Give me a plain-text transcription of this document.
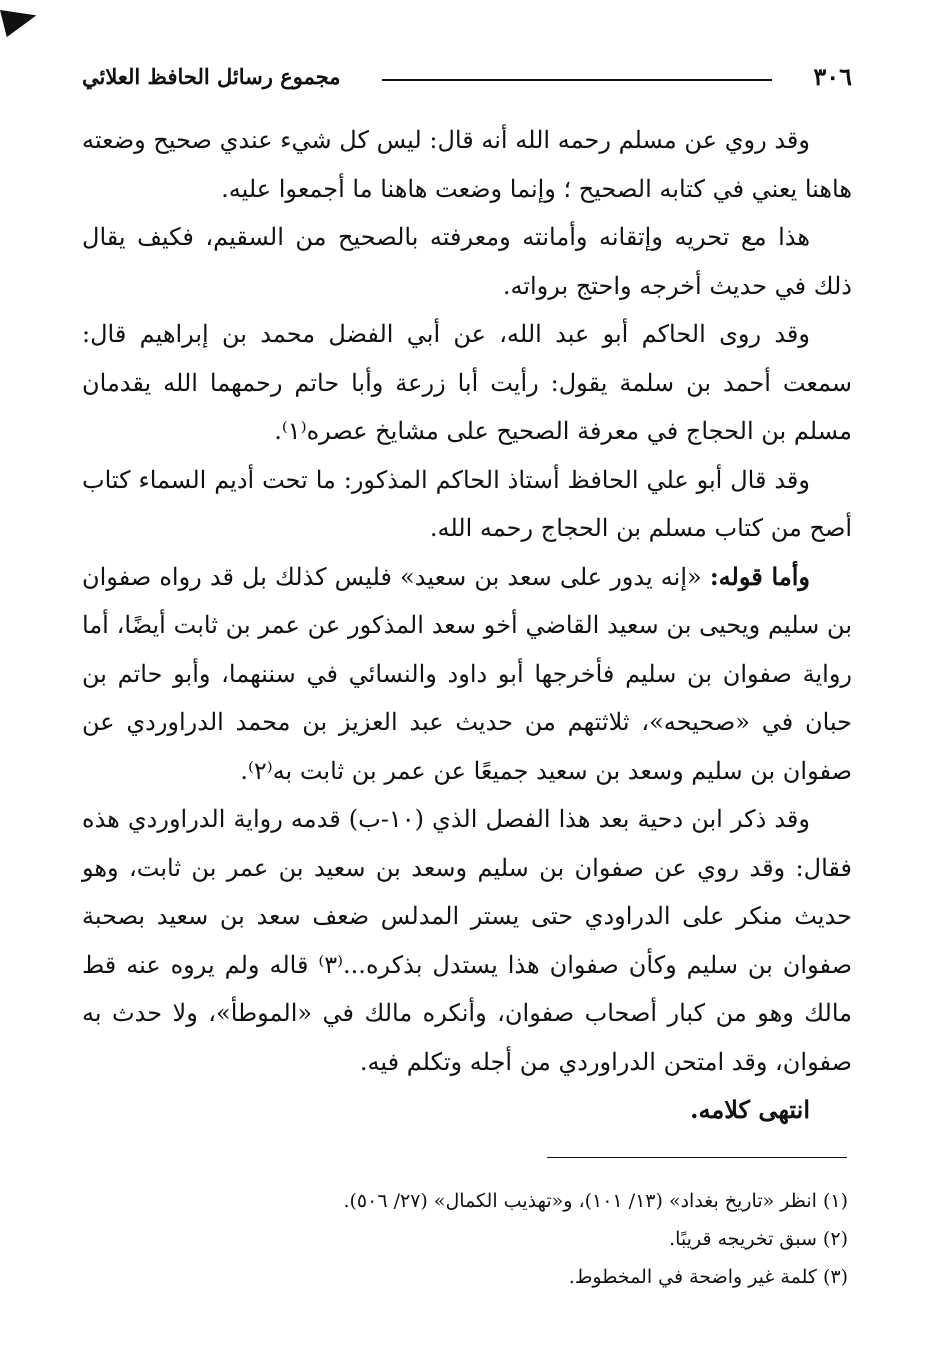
٣٠٦
مجموع رسائل الحافظ العلائي

وقد روي عن مسلم رحمه الله أنه قال: ليس كل شيء عندي صحيح وضعته هاهنا يعني في كتابه الصحيح ؛ وإنما وضعت هاهنا ما أجمعوا عليه.

هذا مع تحريه وإتقانه وأمانته ومعرفته بالصحيح من السقيم، فكيف يقال ذلك في حديث أخرجه واحتج برواته.

وقد روى الحاكم أبو عبد الله، عن أبي الفضل محمد بن إبراهيم قال: سمعت أحمد بن سلمة يقول: رأيت أبا زرعة وأبا حاتم رحمهما الله يقدمان مسلم بن الحجاج في معرفة الصحيح على مشايخ عصره⁽١⁾.

وقد قال أبو علي الحافظ أستاذ الحاكم المذكور: ما تحت أديم السماء كتاب أصح من كتاب مسلم بن الحجاج رحمه الله.

وأما قوله: «إنه يدور على سعد بن سعيد» فليس كذلك بل قد رواه صفوان بن سليم ويحيى بن سعيد القاضي أخو سعد المذكور عن عمر بن ثابت أيضًا، أما رواية صفوان بن سليم فأخرجها أبو داود والنسائي في سننهما، وأبو حاتم بن حبان في «صحيحه»، ثلاثتهم من حديث عبد العزيز بن محمد الدراوردي عن صفوان بن سليم وسعد بن سعيد جميعًا عن عمر بن ثابت به⁽٢⁾.

وقد ذكر ابن دحية بعد هذا الفصل الذي (١٠-ب) قدمه رواية الدراوردي هذه فقال: وقد روي عن صفوان بن سليم وسعد بن سعيد بن عمر بن ثابت، وهو حديث منكر على الدراودي حتى يستر المدلس ضعف سعد بن سعيد بصحبة صفوان بن سليم وكأن صفوان هذا يستدل بذكره...⁽٣⁾ قاله ولم يروه عنه قط مالك وهو من كبار أصحاب صفوان، وأنكره مالك في «الموطأ»، ولا حدث به صفوان، وقد امتحن الدراوردي من أجله وتكلم فيه.

انتهى كلامه.

(١) انظر «تاريخ بغداد» (١٣/ ١٠١)، و«تهذيب الكمال» (٢٧/ ٥٠٦).

(٢) سبق تخريجه قريبًا.

(٣) كلمة غير واضحة في المخطوط.
